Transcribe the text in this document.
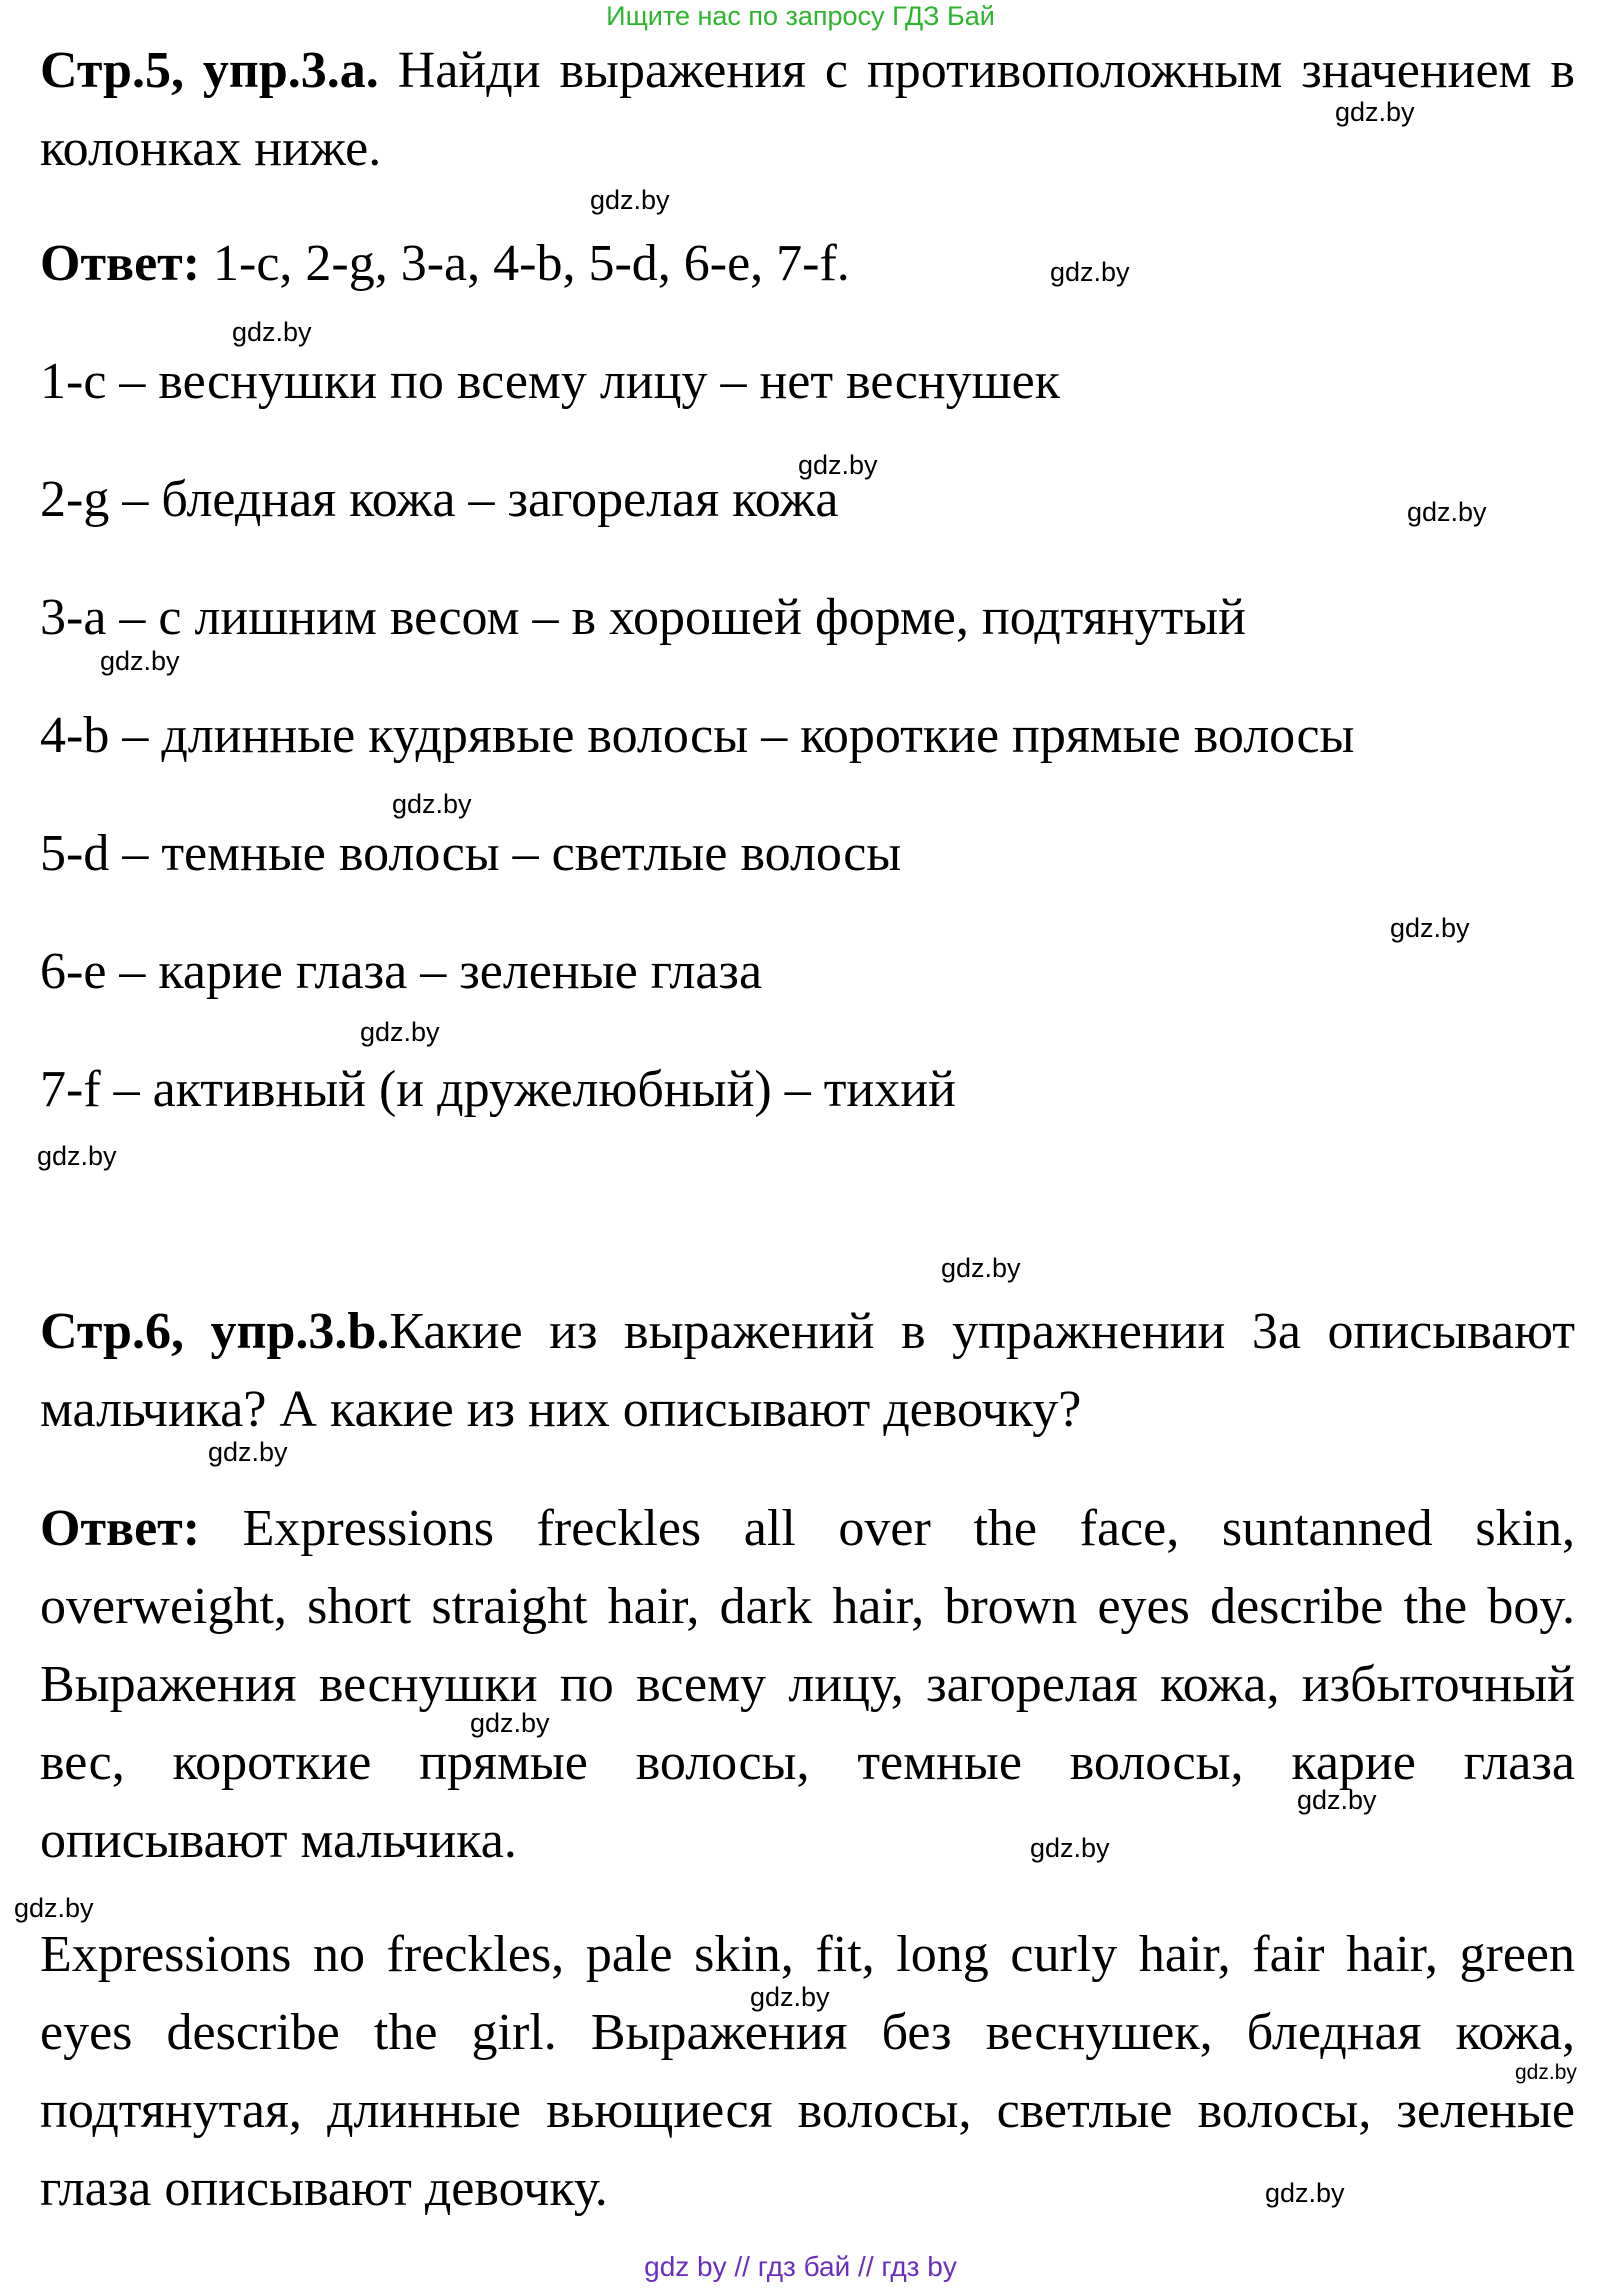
Ищите нас по запросу ГДЗ Бай

Стр.5, упр.3.а. Найди выражения с противоположным значением в колонках ниже.

Ответ: 1-c, 2-g, 3-a, 4-b, 5-d, 6-e, 7-f.

1-c – веснушки по всему лицу – нет веснушек

2-g – бледная кожа – загорелая кожа

3-a – с лишним весом – в хорошей форме, подтянутый

4-b – длинные кудрявые волосы – короткие прямые волосы

5-d – темные волосы – светлые волосы

6-e – карие глаза – зеленые глаза

7-f – активный (и дружелюбный) – тихий

Стр.6, упр.3.b.Какие из выражений в упражнении 3a описывают мальчика? А какие из них описывают девочку?

Ответ: Expressions freckles all over the face, suntanned skin, overweight, short straight hair, dark hair, brown eyes describe the boy. Выражения веснушки по всему лицу, загорелая кожа, избыточный вес, короткие прямые волосы, темные волосы, карие глаза описывают мальчика.

Expressions no freckles, pale skin, fit, long curly hair, fair hair, green eyes describe the girl. Выражения без веснушек, бледная кожа, подтянутая, длинные вьющиеся волосы, светлые волосы, зеленые глаза описывают девочку.

gdz.by
gdz.by
gdz.by
gdz.by
gdz.by
gdz.by
gdz.by
gdz.by
gdz.by
gdz.by
gdz.by
gdz.by
gdz.by
gdz.by
gdz.by
gdz.by
gdz.by
gdz.by
gdz.by
gdz.by
gdz by // гдз бай // гдз by
